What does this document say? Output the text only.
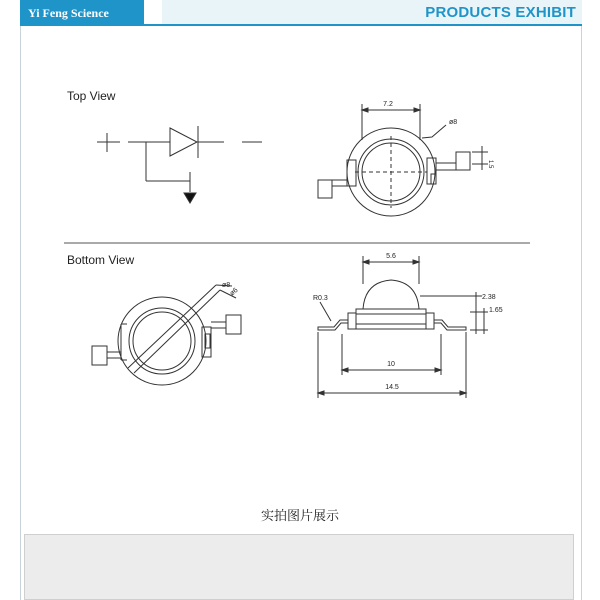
Yi Feng Science	PRODUCTS EXHIBIT
Top View
7.2
ø8
1.5
Bottom View
ø8
ø6
5.6
R0.3	2.38
1.65
10
14.5
实拍图片展示
